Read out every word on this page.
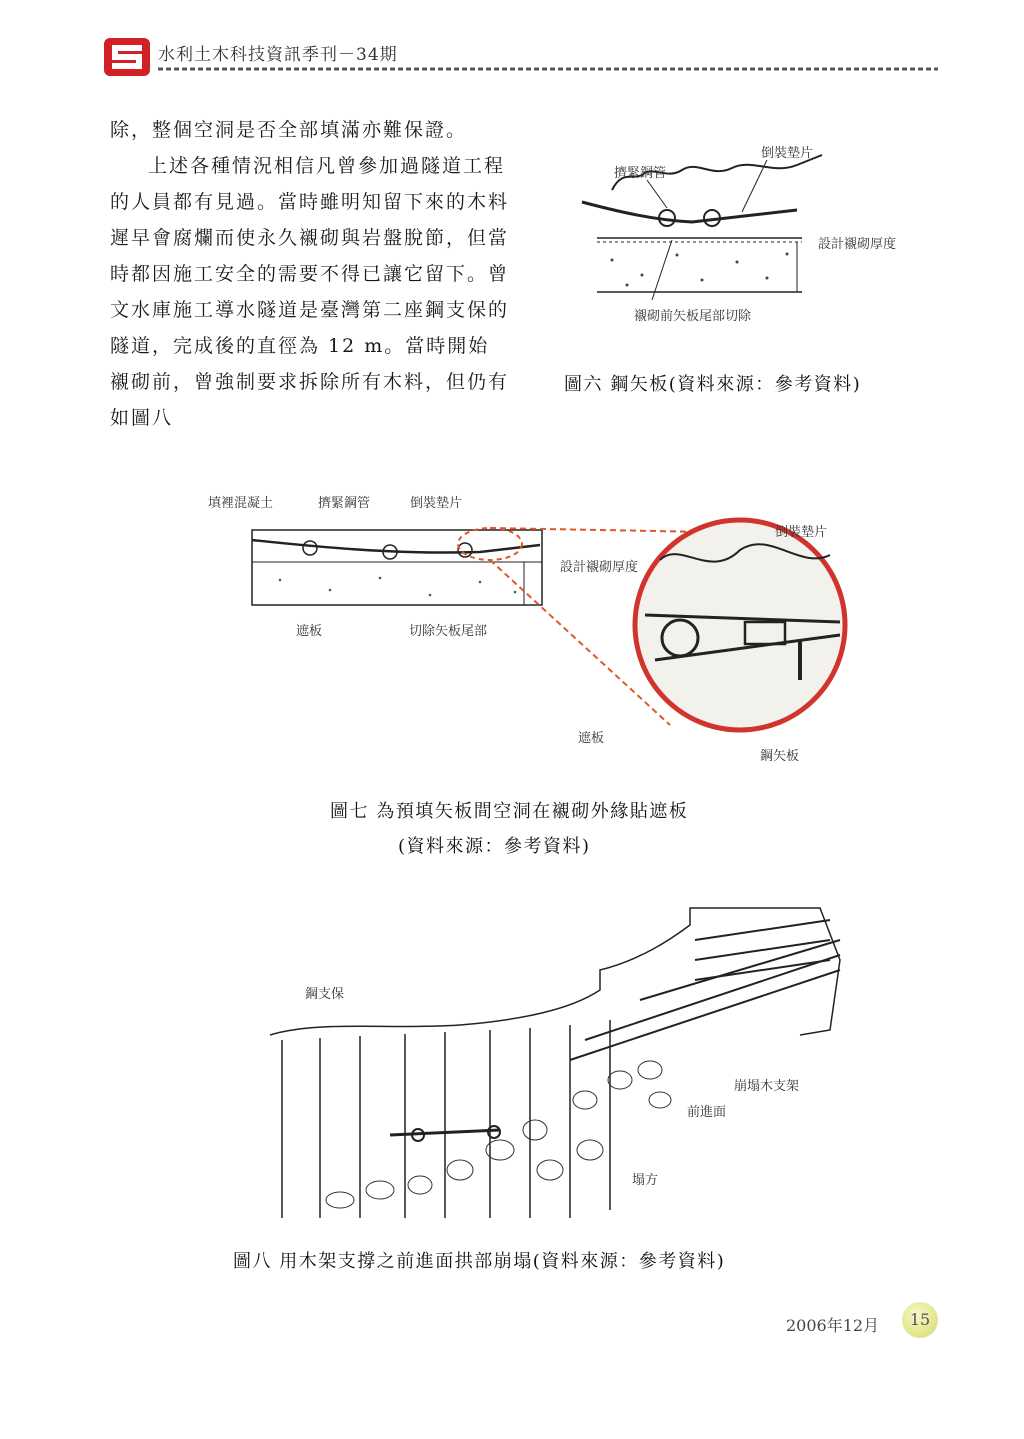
水利土木科技資訊季刊－34期

除，整個空洞是否全部填滿亦難保證。

上述各種情況相信凡曾參加過隧道工程的人員都有見過。當時雖明知留下來的木料遲早會腐爛而使永久襯砌與岩盤脫節，但當時都因施工安全的需要不得已讓它留下。曾文水庫施工導水隧道是臺灣第二座鋼支保的隧道，完成後的直徑為 12 m。當時開始襯砌前，曾強制要求拆除所有木料，但仍有如圖八

倒裝墊片
擠緊鋼管
設計襯砌厚度
襯砌前矢板尾部切除
圖六 鋼矢板(資料來源：參考資料)
填裡混凝土	擠緊鋼管	倒裝墊片
設計襯砌厚度
遮板	切除矢板尾部
倒裝墊片
遮板
鋼矢板
圖七 為預填矢板間空洞在襯砌外緣貼遮板
(資料來源：參考資料)
鋼支保
崩塌木支架
前進面
塌方
圖八 用木架支撐之前進面拱部崩塌(資料來源：參考資料)
2006年12月	15
